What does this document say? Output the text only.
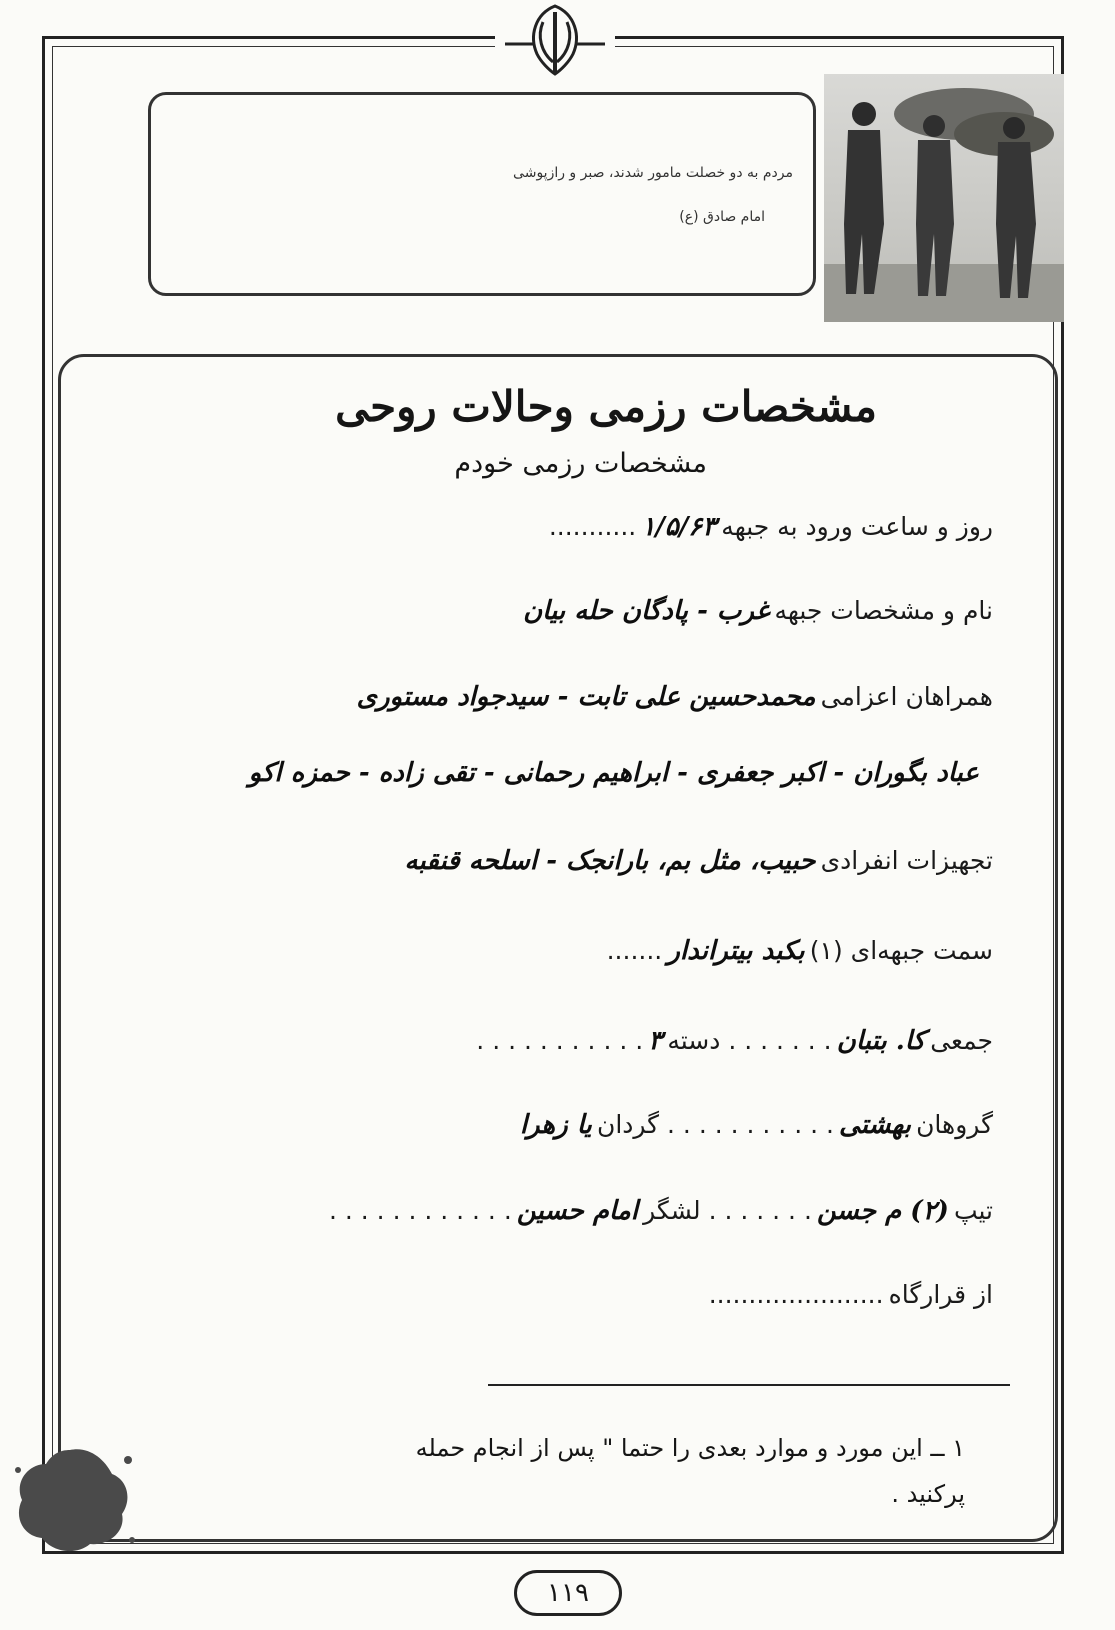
مردم به دو خصلت مامور شدند، صبر و رازپوشی
امام صادق (ع)
مشخصات رزمی وحالات روحی
مشخصات رزمی خودم
روز و ساعت ورود به جبهه ۱/۵/۶۳ ...........
نام و مشخصات جبهه غرب - پادگان حله بیان
همراهان اعزامی محمدحسین علی تابت - سیدجواد مستوری
عباد بگوران - اکبر جعفری - ابراهیم رحمانی - تقی زاده - حمزه اکو
تجهیزات انفرادی حبیب، مثل بم، بارانجک - اسلحه قنقبه
سمت جبهه‌ای (۱) بکبد بیتراندار .......
جمعی کا. بتبان . . . . . . . دسته ۳ . . . . . . . . . . .
گروهان بهشتی . . . . . . . . . . . گردان یا زهرا
تیپ (۲) م جسن . . . . . . . لشگر امام حسین . . . . . . . . . . . .
از قرارگاه ......................
۱ ــ این مورد و موارد بعدی را حتما " پس از انجام حمله
پرکنید .
۱۱۹
